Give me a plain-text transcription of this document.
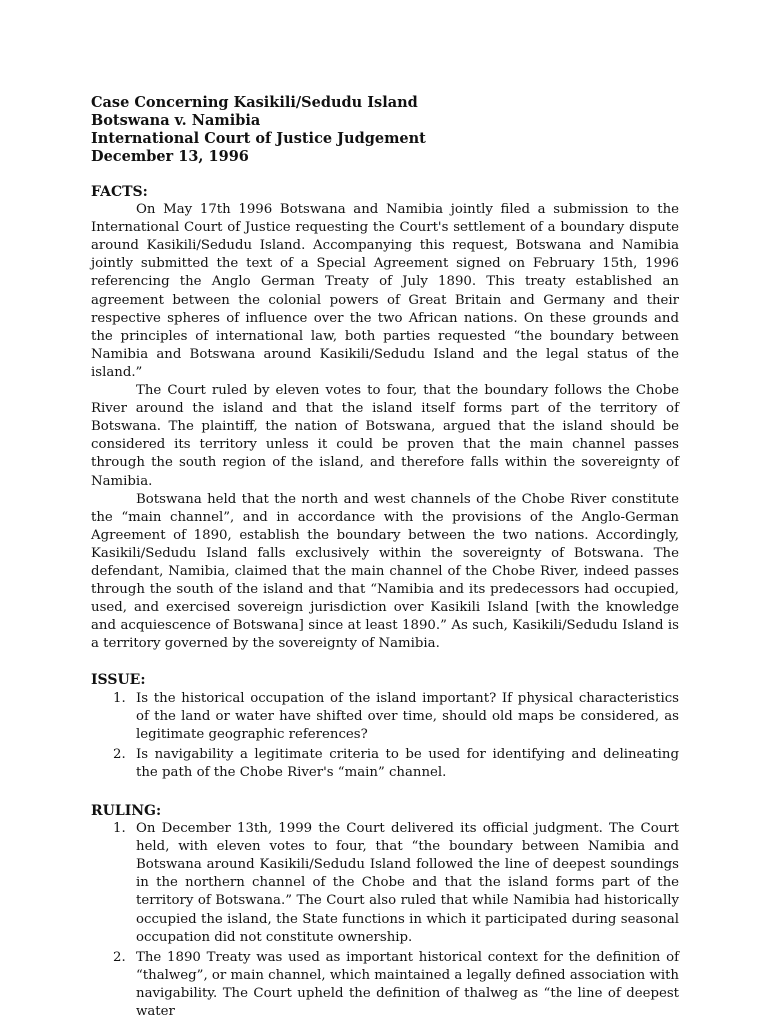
Case Concerning Kasikili/Sedudu Island
Botswana v. Namibia
International Court of Justice Judgement
December 13, 1996

FACTS:

On May 17th 1996 Botswana and Namibia jointly filed a submission to the International Court of Justice requesting the Court's settlement of a boundary dispute around Kasikili/Sedudu Island. Accompanying this request, Botswana and Namibia jointly submitted the text of a Special Agreement signed on February 15th, 1996 referencing the Anglo German Treaty of July 1890. This treaty established an agreement between the colonial powers of Great Britain and Germany and their respective spheres of influence over the two African nations. On these grounds and the principles of international law, both parties requested “the boundary between Namibia and Botswana around Kasikili/Sedudu Island and the legal status of the island.”

The Court ruled by eleven votes to four, that the boundary follows the Chobe River around the island and that the island itself forms part of the territory of Botswana. The plaintiff, the nation of Botswana, argued that the island should be considered its territory unless it could be proven that the main channel passes through the south region of the island, and therefore falls within the sovereignty of Namibia.

Botswana held that the north and west channels of the Chobe River constitute the “main channel”, and in accordance with the provisions of the Anglo-German Agreement of 1890, establish the boundary between the two nations. Accordingly, Kasikili/Sedudu Island falls exclusively within the sovereignty of Botswana. The defendant, Namibia, claimed that the main channel of the Chobe River, indeed passes through the south of the island and that “Namibia and its predecessors had occupied, used, and exercised sovereign jurisdiction over Kasikili Island [with the knowledge and acquiescence of Botswana] since at least 1890.” As such, Kasikili/Sedudu Island is a territory governed by the sovereignty of Namibia.

ISSUE:

1. Is the historical occupation of the island important? If physical characteristics of the land or water have shifted over time, should old maps be considered, as legitimate geographic references?
2. Is navigability a legitimate criteria to be used for identifying and delineating the path of the Chobe River's “main” channel.

RULING:

1. On December 13th, 1999 the Court delivered its official judgment. The Court held, with eleven votes to four, that “the boundary between Namibia and Botswana around Kasikili/Sedudu Island followed the line of deepest soundings in the northern channel of the Chobe and that the island forms part of the territory of Botswana.” The Court also ruled that while Namibia had historically occupied the island, the State functions in which it participated during seasonal occupation did not constitute ownership.
2. The 1890 Treaty was used as important historical context for the definition of “thalweg”, or main channel, which maintained a legally defined association with navigability. The Court upheld the definition of thalweg as “the line of deepest water
